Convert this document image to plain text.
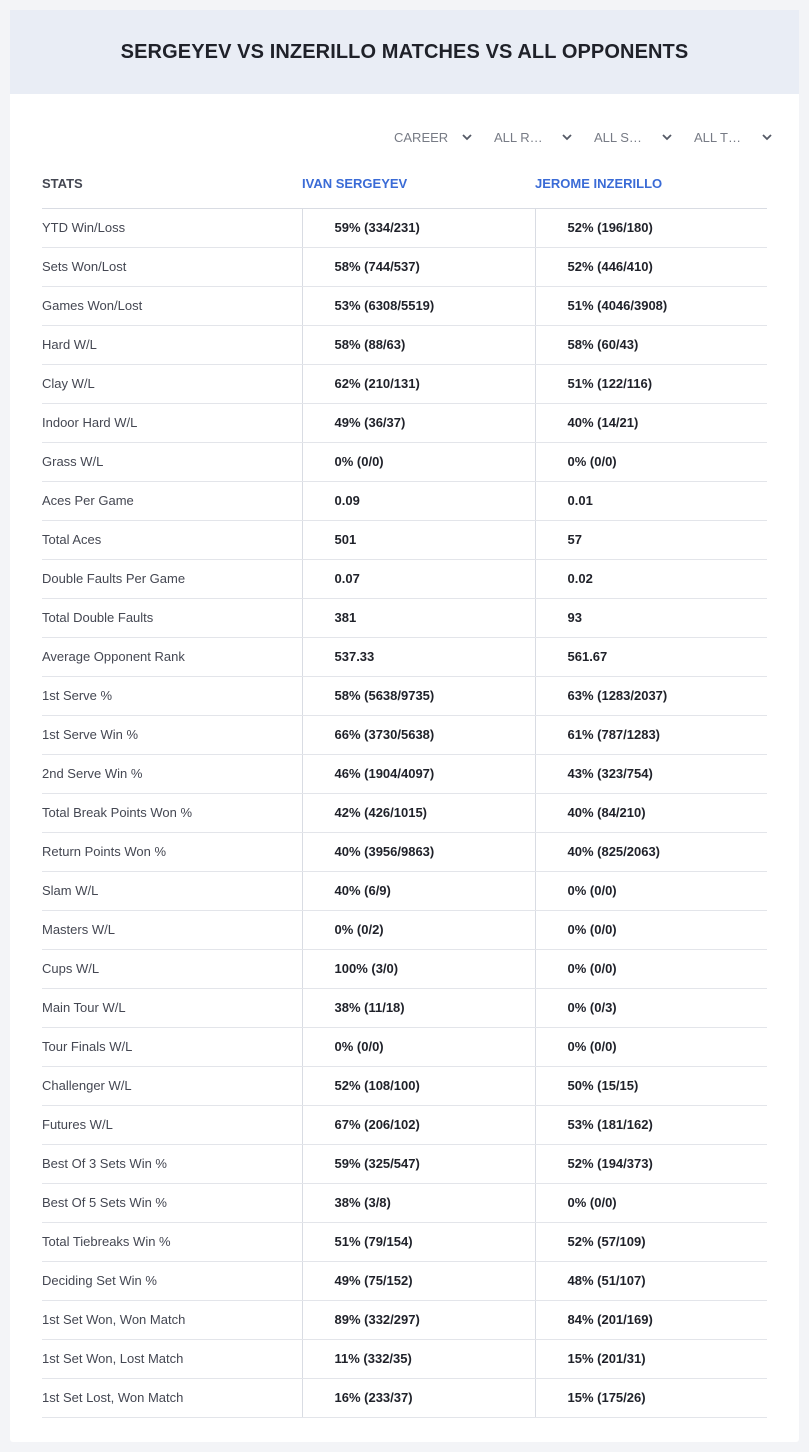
SERGEYEV VS INZERILLO MATCHES VS ALL OPPONENTS
CAREER	ALL R…	ALL S…	ALL T…
STATS	IVAN SERGEYEV	JEROME INZERILLO
YTD Win/Loss	59% (334/231)	52% (196/180)
Sets Won/Lost	58% (744/537)	52% (446/410)
Games Won/Lost	53% (6308/5519)	51% (4046/3908)
Hard W/L	58% (88/63)	58% (60/43)
Clay W/L	62% (210/131)	51% (122/116)
Indoor Hard W/L	49% (36/37)	40% (14/21)
Grass W/L	0% (0/0)	0% (0/0)
Aces Per Game	0.09	0.01
Total Aces	501	57
Double Faults Per Game	0.07	0.02
Total Double Faults	381	93
Average Opponent Rank	537.33	561.67
1st Serve %	58% (5638/9735)	63% (1283/2037)
1st Serve Win %	66% (3730/5638)	61% (787/1283)
2nd Serve Win %	46% (1904/4097)	43% (323/754)
Total Break Points Won %	42% (426/1015)	40% (84/210)
Return Points Won %	40% (3956/9863)	40% (825/2063)
Slam W/L	40% (6/9)	0% (0/0)
Masters W/L	0% (0/2)	0% (0/0)
Cups W/L	100% (3/0)	0% (0/0)
Main Tour W/L	38% (11/18)	0% (0/3)
Tour Finals W/L	0% (0/0)	0% (0/0)
Challenger W/L	52% (108/100)	50% (15/15)
Futures W/L	67% (206/102)	53% (181/162)
Best Of 3 Sets Win %	59% (325/547)	52% (194/373)
Best Of 5 Sets Win %	38% (3/8)	0% (0/0)
Total Tiebreaks Win %	51% (79/154)	52% (57/109)
Deciding Set Win %	49% (75/152)	48% (51/107)
1st Set Won, Won Match	89% (332/297)	84% (201/169)
1st Set Won, Lost Match	11% (332/35)	15% (201/31)
1st Set Lost, Won Match	16% (233/37)	15% (175/26)
